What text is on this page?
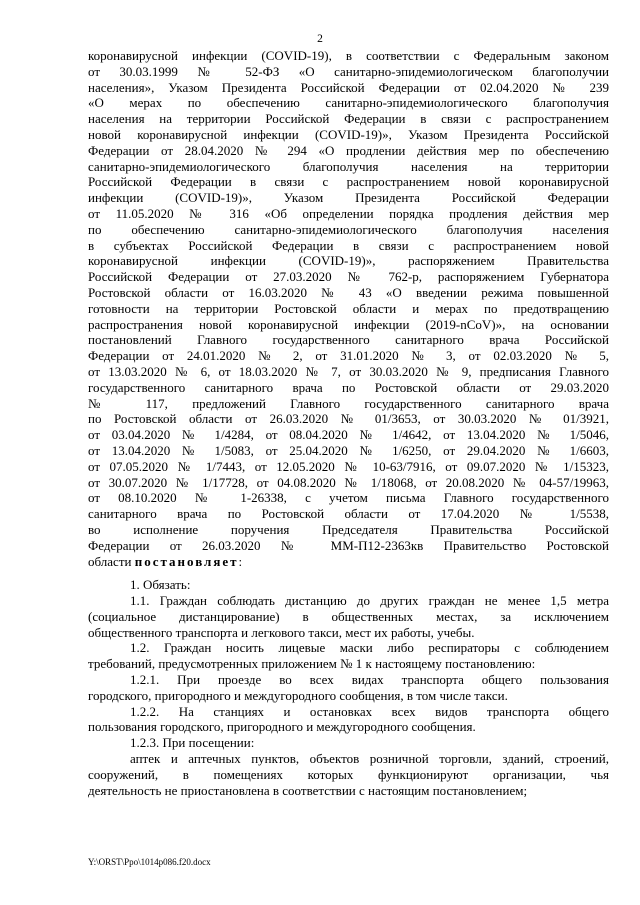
2
коронавирусной инфекции (COVID-19), в соответствии с Федеральным законом
от 30.03.1999 № 52-ФЗ «О санитарно-эпидемиологическом благополучии
населения», Указом Президента Российской Федерации от 02.04.2020 № 239
«О мерах по обеспечению санитарно-эпидемиологического благополучия
населения на территории Российской Федерации в связи с распространением
новой коронавирусной инфекции (COVID-19)», Указом Президента Российской
Федерации от 28.04.2020 № 294 «О продлении действия мер по обеспечению
санитарно-эпидемиологического благополучия населения на территории
Российской Федерации в связи с распространением новой коронавирусной
инфекции (COVID-19)», Указом Президента Российской Федерации
от 11.05.2020 № 316 «Об определении порядка продления действия мер
по обеспечению санитарно-эпидемиологического благополучия населения
в субъектах Российской Федерации в связи с распространением новой
коронавирусной инфекции (COVID-19)», распоряжением Правительства
Российской Федерации от 27.03.2020 № 762-р, распоряжением Губернатора
Ростовской области от 16.03.2020 № 43 «О введении режима повышенной
готовности на территории Ростовской области и мерах по предотвращению
распространения новой коронавирусной инфекции (2019-nCoV)», на основании
постановлений Главного государственного санитарного врача Российской
Федерации от 24.01.2020 № 2, от 31.01.2020 № 3, от 02.03.2020 № 5,
от 13.03.2020 № 6, от 18.03.2020 № 7, от 30.03.2020 № 9, предписания Главного
государственного санитарного врача по Ростовской области от 29.03.2020
№ 117, предложений Главного государственного санитарного врача
по Ростовской области от 26.03.2020 № 01/3653, от 30.03.2020 № 01/3921,
от 03.04.2020 № 1/4284, от 08.04.2020 № 1/4642, от 13.04.2020 № 1/5046,
от 13.04.2020 № 1/5083, от 25.04.2020 № 1/6250, от 29.04.2020 № 1/6603,
от 07.05.2020 № 1/7443, от 12.05.2020 № 10-63/7916, от 09.07.2020 № 1/15323,
от 30.07.2020 № 1/17728, от 04.08.2020 № 1/18068, от 20.08.2020 № 04-57/19963,
от 08.10.2020 № 1-26338, с учетом письма Главного государственного
санитарного врача по Ростовской области от 17.04.2020 № 1/5538,
во исполнение поручения Председателя Правительства Российской
Федерации от 26.03.2020 № ММ-П12-2363кв Правительство Ростовской
области постановляет:
1. Обязать:
1.1. Граждан соблюдать дистанцию до других граждан не менее 1,5 метра
(социальное дистанцирование) в общественных местах, за исключением
общественного транспорта и легкового такси, мест их работы, учебы.
1.2. Граждан носить лицевые маски либо респираторы с соблюдением
требований, предусмотренных приложением № 1 к настоящему постановлению:
1.2.1. При проезде во всех видах транспорта общего пользования
городского, пригородного и междугородного сообщения, в том числе такси.
1.2.2. На станциях и остановках всех видов транспорта общего
пользования городского, пригородного и междугородного сообщения.
1.2.3. При посещении:
аптек и аптечных пунктов, объектов розничной торговли, зданий, строений,
сооружений, в помещениях которых функционируют организации, чья
деятельность не приостановлена в соответствии с настоящим постановлением;
Y:\ORST\Ppo\1014p086.f20.docx
